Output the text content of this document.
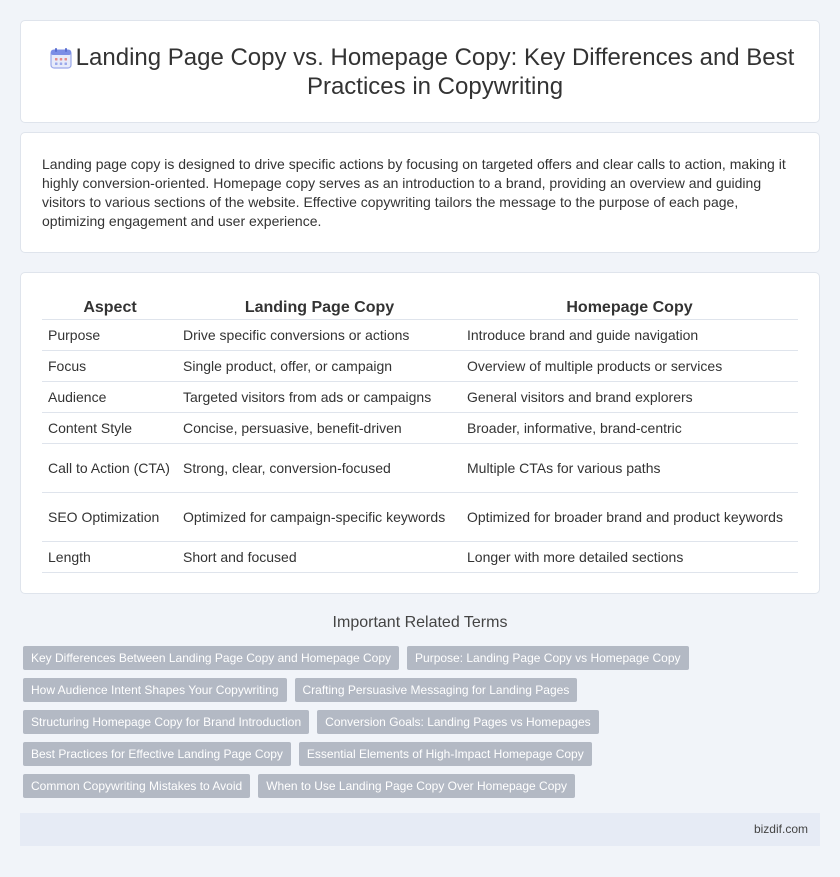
Landing Page Copy vs. Homepage Copy: Key Differences and Best Practices in Copywriting

Landing page copy is designed to drive specific actions by focusing on targeted offers and clear calls to action, making it highly conversion-oriented. Homepage copy serves as an introduction to a brand, providing an overview and guiding visitors to various sections of the website. Effective copywriting tailors the message to the purpose of each page, optimizing engagement and user experience.

Aspect	Landing Page Copy	Homepage Copy
Purpose	Drive specific conversions or actions	Introduce brand and guide navigation
Focus	Single product, offer, or campaign	Overview of multiple products or services
Audience	Targeted visitors from ads or campaigns	General visitors and brand explorers
Content Style	Concise, persuasive, benefit-driven	Broader, informative, brand-centric
Call to Action (CTA)	Strong, clear, conversion-focused	Multiple CTAs for various paths
SEO Optimization	Optimized for campaign-specific keywords	Optimized for broader brand and product keywords
Length	Short and focused	Longer with more detailed sections
Important Related Terms
Key Differences Between Landing Page Copy and Homepage Copy	Purpose: Landing Page Copy vs Homepage Copy
How Audience Intent Shapes Your Copywriting	Crafting Persuasive Messaging for Landing Pages
Structuring Homepage Copy for Brand Introduction	Conversion Goals: Landing Pages vs Homepages
Best Practices for Effective Landing Page Copy	Essential Elements of High-Impact Homepage Copy
Common Copywriting Mistakes to Avoid	When to Use Landing Page Copy Over Homepage Copy
bizdif.com
